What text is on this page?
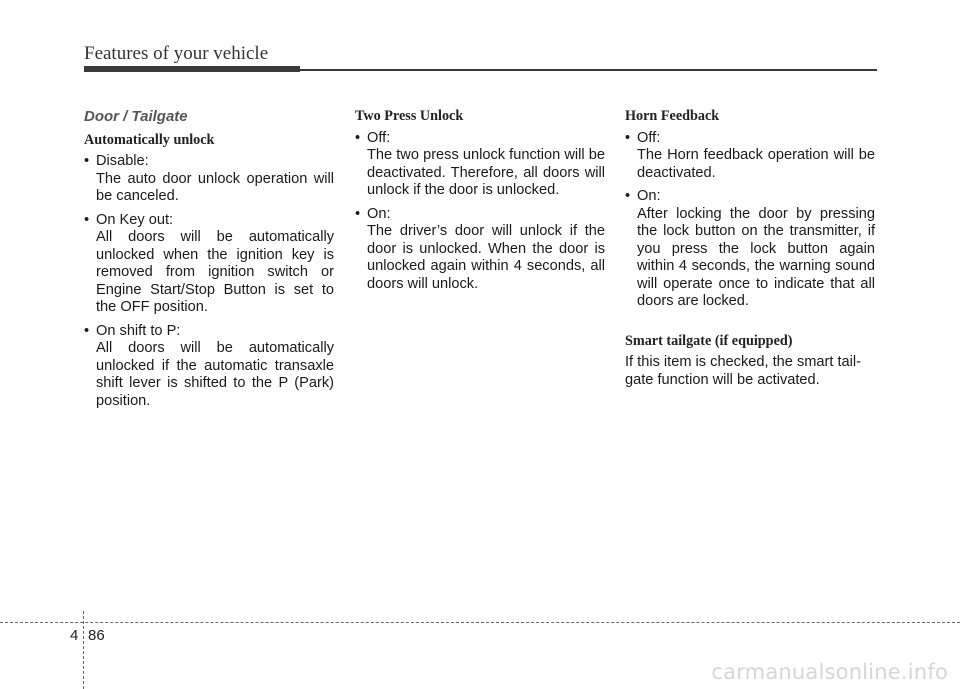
Features of your vehicle
Door / Tailgate
Automatically unlock
• Disable:
The auto door unlock operation will be canceled.
• On Key out:
All doors will be automatically unlocked when the ignition key is removed from ignition switch or Engine Start/Stop Button is set to the OFF position.
• On shift to P:
All doors will be automatically unlocked if the automatic transaxle shift lever is shifted to the P (Park) position.
Two Press Unlock
• Off:
The two press unlock function will be deactivated. Therefore, all doors will unlock if the door is unlocked.
• On:
The driver’s door will unlock if the door is unlocked. When the door is unlocked again within 4 seconds, all doors will unlock.
Horn Feedback
• Off:
The Horn feedback operation will be deactivated.
• On:
After locking the door by pressing the lock button on the transmitter, if you press the lock button again within 4 seconds, the warning sound will operate once to indicate that all doors are locked.
Smart tailgate (if equipped)

If this item is checked, the smart tail-gate function will be activated.

4 86
carmanualsonline.info
